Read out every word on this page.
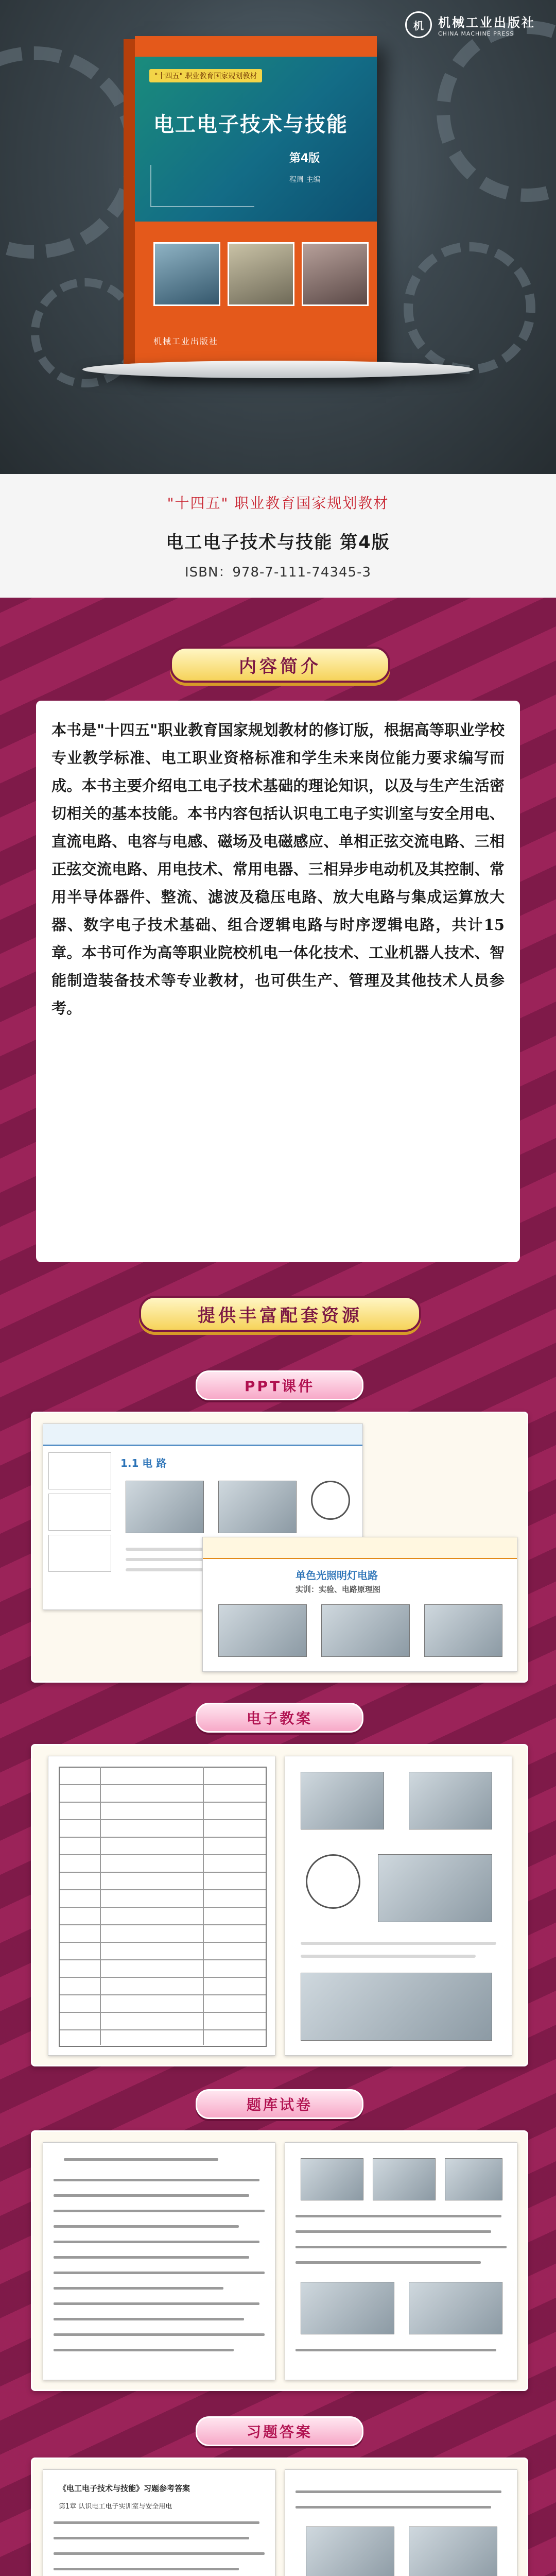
机	机械工业出版社
CHINA MACHINE PRESS
"十四五" 职业教育国家规划教材
电工电子技术与技能
第4版
程周 主编
机械工业出版社
"十四五" 职业教育国家规划教材
电工电子技术与技能 第4版
ISBN：978-7-111-74345-3
内容简介
本书是"十四五"职业教育国家规划教材的修订版，根据高等职业学校专业教学标准、电工职业资格标准和学生未来岗位能力要求编写而成。本书主要介绍电工电子技术基础的理论知识，以及与生产生活密切相关的基本技能。本书内容包括认识电工电子实训室与安全用电、直流电路、电容与电感、磁场及电磁感应、单相正弦交流电路、三相正弦交流电路、用电技术、常用电器、三相异步电动机及其控制、常用半导体器件、整流、滤波及稳压电路、放大电路与集成运算放大器、数字电子技术基础、组合逻辑电路与时序逻辑电路，共计15章。本书可作为高等职业院校机电一体化技术、工业机器人技术、智能制造装备技术等专业教材，也可供生产、管理及其他技术人员参考。
提供丰富配套资源
PPT课件
1.1 电 路
单色光照明灯电路
实训：实验、电路原理图
电子教案
题库试卷
习题答案
《电工电子技术与技能》习题参考答案
第1章 认识电工电子实训室与安全用电
